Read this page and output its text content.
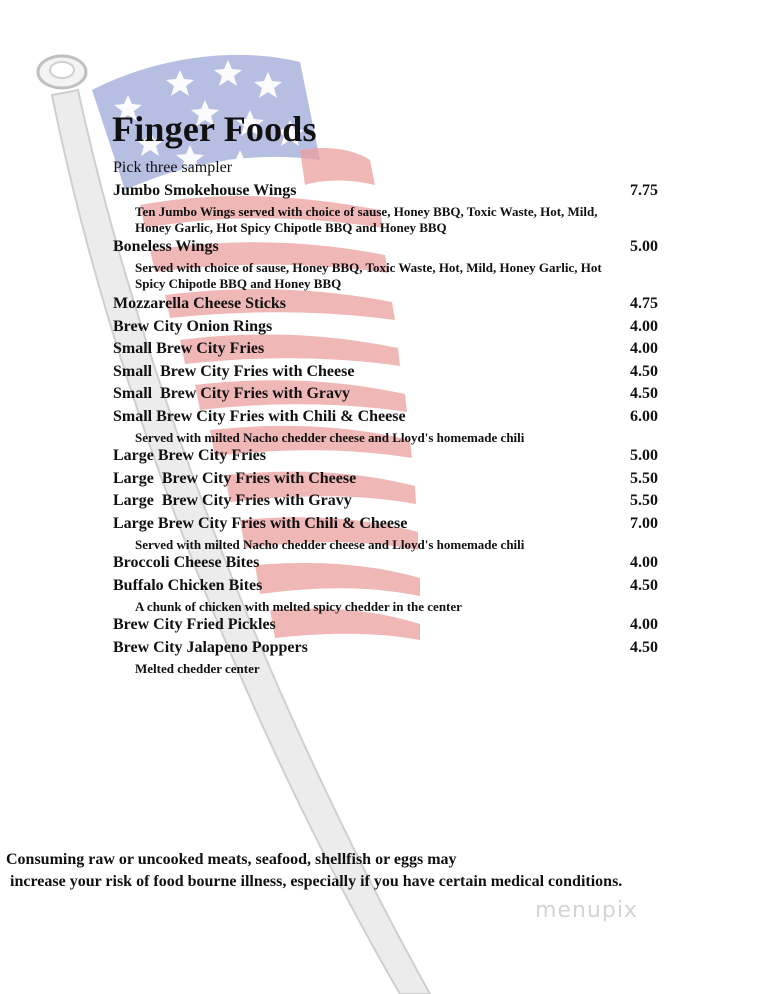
Finger Foods
Pick three sampler
Jumbo Smokehouse Wings	7.75
Ten Jumbo Wings served with choice of sause, Honey BBQ, Toxic Waste, Hot, Mild, Honey Garlic, Hot Spicy Chipotle BBQ and Honey BBQ
Boneless Wings	5.00
Served with choice of sause, Honey BBQ, Toxic Waste, Hot, Mild, Honey Garlic, Hot Spicy Chipotle BBQ and Honey BBQ
Mozzarella Cheese Sticks	4.75
Brew City Onion Rings	4.00
Small Brew City Fries	4.00
Small  Brew City Fries with Cheese	4.50
Small  Brew City Fries with Gravy	4.50
Small Brew City Fries with Chili & Cheese	6.00
Served with milted Nacho chedder cheese and Lloyd's homemade chili
Large Brew City Fries	5.00
Large  Brew City Fries with Cheese	5.50
Large  Brew City Fries with Gravy	5.50
Large Brew City Fries with Chili & Cheese	7.00
Served with milted Nacho chedder cheese and Lloyd's homemade chili
Broccoli Cheese Bites	4.00
Buffalo Chicken Bites	4.50
A chunk of chicken with melted spicy chedder in the center
Brew City Fried Pickles	4.00
Brew City Jalapeno Poppers	4.50
Melted chedder center
Consuming raw or uncooked meats, seafood, shellfish or eggs may
increase your risk of food bourne illness, especially if you have certain medical conditions.
menupix
